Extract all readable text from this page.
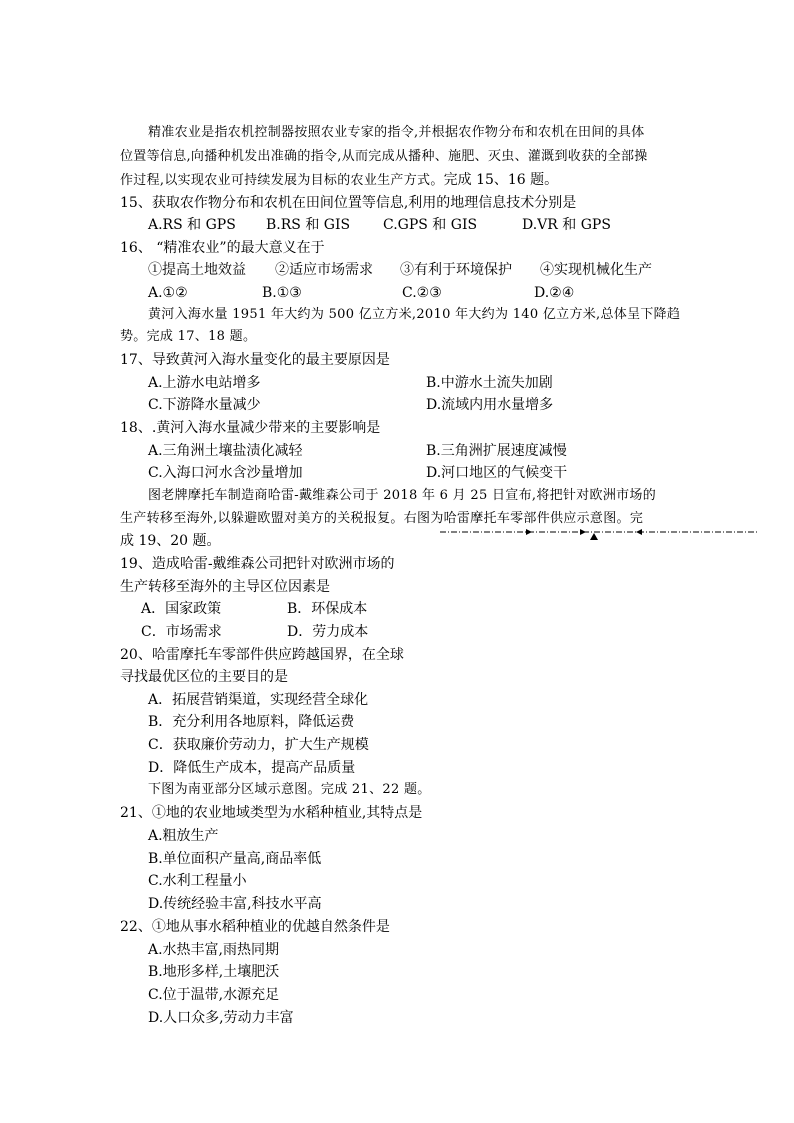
精准农业是指农机控制器按照农业专家的指令,并根据农作物分布和农机在田间的具体
位置等信息,向播种机发出准确的指令,从而完成从播种、施肥、灭虫、灌溉到收获的全部操
作过程,以实现农业可持续发展为目标的农业生产方式。完成 15、16 题。
15、获取农作物分布和农机在田间位置等信息,利用的地理信息技术分别是
A.RS 和 GPS B.RS 和 GIS C.GPS 和 GIS	D.VR 和 GPS
16、 “精准农业”的最大意义在于
①提高土地效益 ②适应市场需求 ③有利于环境保护 ④实现机械化生产
A.①②	B.①③	C.②③	D.②④
黄河入海水量 1951 年大约为 500 亿立方米,2010 年大约为 140 亿立方米,总体呈下降趋
势。完成 17、18 题。
17、导致黄河入海水量变化的最主要原因是
A.上游水电站增多	B.中游水土流失加剧
C.下游降水量减少	D.流域内用水量增多
18、.黄河入海水量减少带来的主要影响是
A.三角洲土壤盐渍化减轻	B.三角洲扩展速度减慢
C.入海口河水含沙量增加	D.河口地区的气候变干
图老牌摩托车制造商哈雷-戴维森公司于 2018 年 6 月 25 日宣布,将把针对欧洲市场的
生产转移至海外,以躲避欧盟对美方的关税报复。右图为哈雷摩托车零部件供应示意图。完
成 19、20 题。
19、造成哈雷-戴维森公司把针对欧洲市场的
生产转移至海外的主导区位因素是
A．国家政策	B．环保成本
C．市场需求	D．劳力成本
20、哈雷摩托车零部件供应跨越国界，在全球
寻找最优区位的主要目的是
A．拓展营销渠道，实现经营全球化
B．充分利用各地原料，降低运费
C．获取廉价劳动力，扩大生产规模
D．降低生产成本，提高产品质量
下图为南亚部分区域示意图。完成 21、22 题。
21、①地的农业地域类型为水稻种植业,其特点是
A.粗放生产
B.单位面积产量高,商品率低
C.水利工程量小
D.传统经验丰富,科技水平高
22、①地从事水稻种植业的优越自然条件是
A.水热丰富,雨热同期
B.地形多样,土壤肥沃
C.位于温带,水源充足
D.人口众多,劳动力丰富
